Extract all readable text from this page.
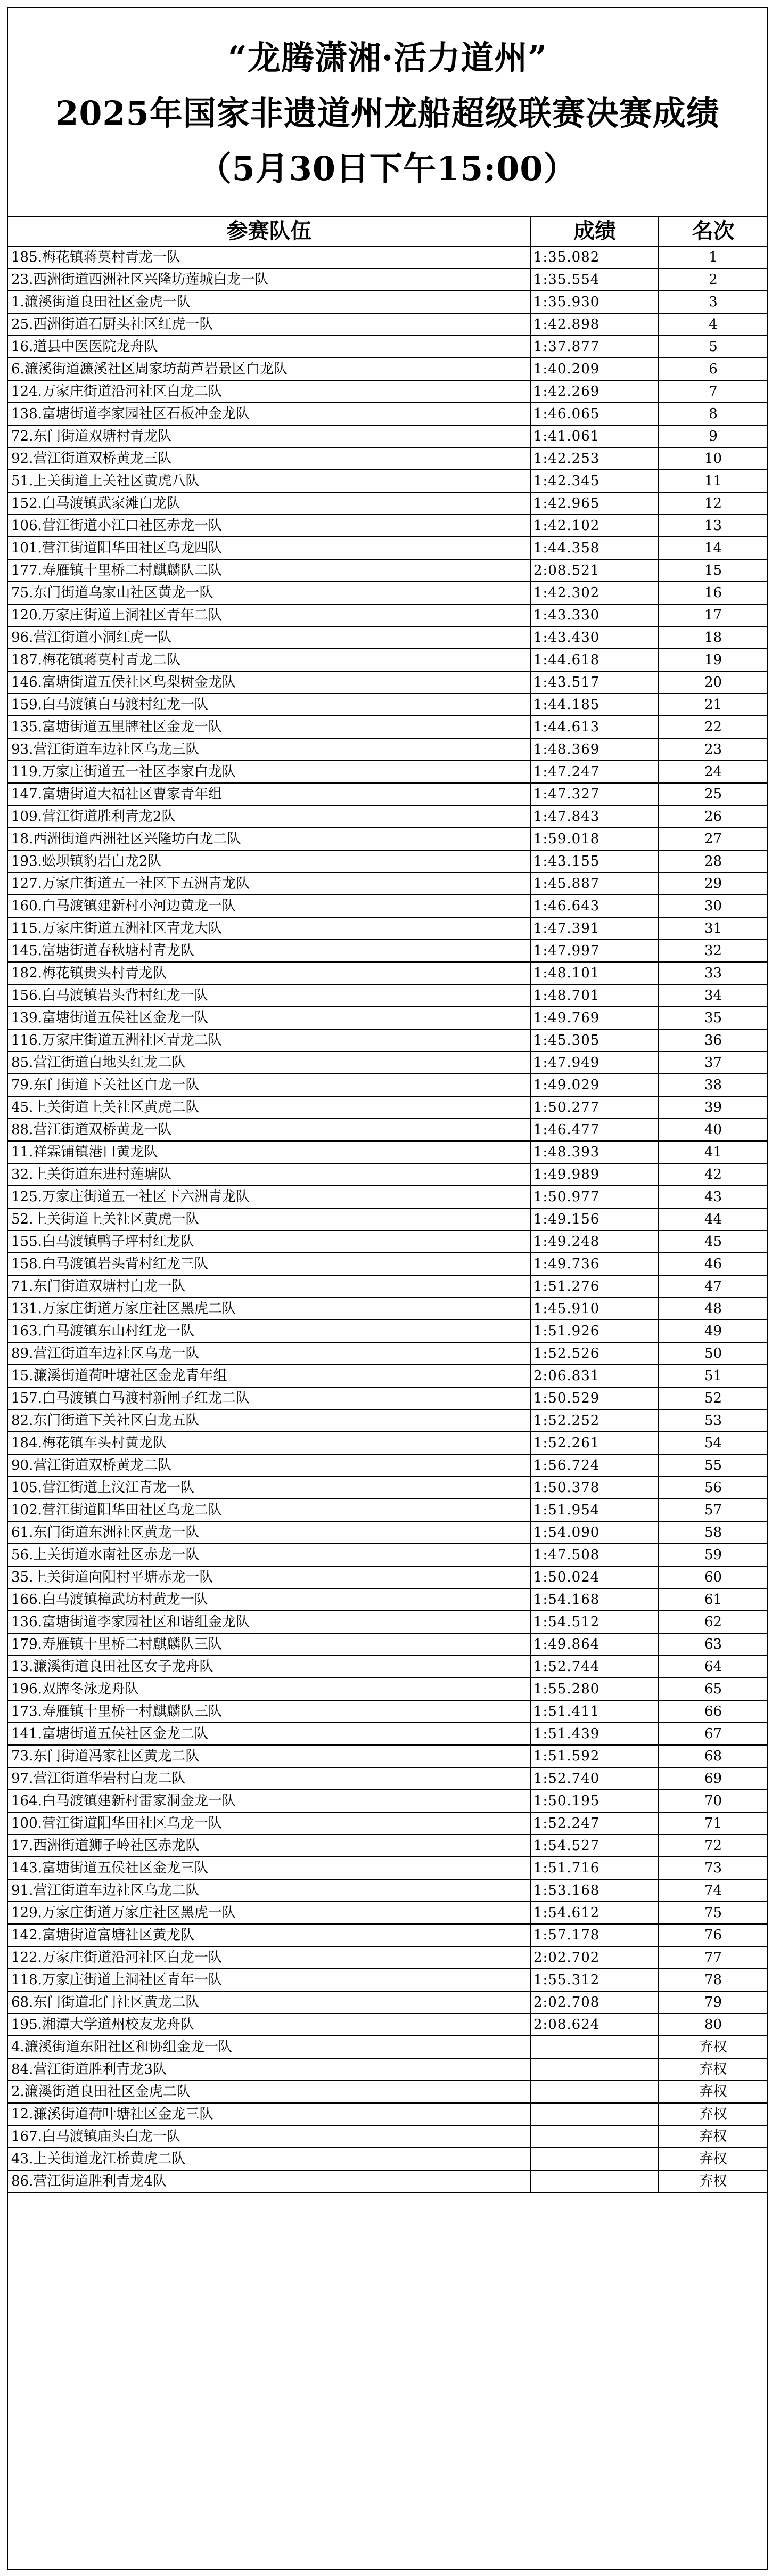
“龙腾潇湘·活力道州”
2025年国家非遗道州龙船超级联赛决赛成绩
（5月30日下午15:00）
参赛队伍	成绩	名次
185.梅花镇蒋莫村青龙一队	1:35.082	1
23.西洲街道西洲社区兴隆坊莲城白龙一队	1:35.554	2
1.濂溪街道良田社区金虎一队	1:35.930	3
25.西洲街道石厨头社区红虎一队	1:42.898	4
16.道县中医医院龙舟队	1:37.877	5
6.濂溪街道濂溪社区周家坊葫芦岩景区白龙队	1:40.209	6
124.万家庄街道沿河社区白龙二队	1:42.269	7
138.富塘街道李家园社区石板冲金龙队	1:46.065	8
72.东门街道双塘村青龙队	1:41.061	9
92.营江街道双桥黄龙三队	1:42.253	10
51.上关街道上关社区黄虎八队	1:42.345	11
152.白马渡镇武家滩白龙队	1:42.965	12
106.营江街道小江口社区赤龙一队	1:42.102	13
101.营江街道阳华田社区乌龙四队	1:44.358	14
177.寿雁镇十里桥二村麒麟队二队	2:08.521	15
75.东门街道乌家山社区黄龙一队	1:42.302	16
120.万家庄街道上洞社区青年二队	1:43.330	17
96.营江街道小洞红虎一队	1:43.430	18
187.梅花镇蒋莫村青龙二队	1:44.618	19
146.富塘街道五侯社区鸟梨树金龙队	1:43.517	20
159.白马渡镇白马渡村红龙一队	1:44.185	21
135.富塘街道五里牌社区金龙一队	1:44.613	22
93.营江街道车边社区乌龙三队	1:48.369	23
119.万家庄街道五一社区李家白龙队	1:47.247	24
147.富塘街道大福社区曹家青年组	1:47.327	25
109.营江街道胜利青龙2队	1:47.843	26
18.西洲街道西洲社区兴隆坊白龙二队	1:59.018	27
193.蚣坝镇豹岩白龙2队	1:43.155	28
127.万家庄街道五一社区下五洲青龙队	1:45.887	29
160.白马渡镇建新村小河边黄龙一队	1:46.643	30
115.万家庄街道五洲社区青龙大队	1:47.391	31
145.富塘街道春秋塘村青龙队	1:47.997	32
182.梅花镇贵头村青龙队	1:48.101	33
156.白马渡镇岩头背村红龙一队	1:48.701	34
139.富塘街道五侯社区金龙一队	1:49.769	35
116.万家庄街道五洲社区青龙二队	1:45.305	36
85.营江街道白地头红龙二队	1:47.949	37
79.东门街道下关社区白龙一队	1:49.029	38
45.上关街道上关社区黄虎二队	1:50.277	39
88.营江街道双桥黄龙一队	1:46.477	40
11.祥霖铺镇港口黄龙队	1:48.393	41
32.上关街道东进村莲塘队	1:49.989	42
125.万家庄街道五一社区下六洲青龙队	1:50.977	43
52.上关街道上关社区黄虎一队	1:49.156	44
155.白马渡镇鸭子坪村红龙队	1:49.248	45
158.白马渡镇岩头背村红龙三队	1:49.736	46
71.东门街道双塘村白龙一队	1:51.276	47
131.万家庄街道万家庄社区黑虎二队	1:45.910	48
163.白马渡镇东山村红龙一队	1:51.926	49
89.营江街道车边社区乌龙一队	1:52.526	50
15.濂溪街道荷叶塘社区金龙青年组	2:06.831	51
157.白马渡镇白马渡村新闸子红龙二队	1:50.529	52
82.东门街道下关社区白龙五队	1:52.252	53
184.梅花镇车头村黄龙队	1:52.261	54
90.营江街道双桥黄龙二队	1:56.724	55
105.营江街道上汶江青龙一队	1:50.378	56
102.营江街道阳华田社区乌龙二队	1:51.954	57
61.东门街道东洲社区黄龙一队	1:54.090	58
56.上关街道水南社区赤龙一队	1:47.508	59
35.上关街道向阳村平塘赤龙一队	1:50.024	60
166.白马渡镇樟武坊村黄龙一队	1:54.168	61
136.富塘街道李家园社区和谐组金龙队	1:54.512	62
179.寿雁镇十里桥二村麒麟队三队	1:49.864	63
13.濂溪街道良田社区女子龙舟队	1:52.744	64
196.双牌冬泳龙舟队	1:55.280	65
173.寿雁镇十里桥一村麒麟队三队	1:51.411	66
141.富塘街道五侯社区金龙二队	1:51.439	67
73.东门街道冯家社区黄龙二队	1:51.592	68
97.营江街道华岩村白龙二队	1:52.740	69
164.白马渡镇建新村雷家洞金龙一队	1:50.195	70
100.营江街道阳华田社区乌龙一队	1:52.247	71
17.西洲街道狮子岭社区赤龙队	1:54.527	72
143.富塘街道五侯社区金龙三队	1:51.716	73
91.营江街道车边社区乌龙二队	1:53.168	74
129.万家庄街道万家庄社区黑虎一队	1:54.612	75
142.富塘街道富塘社区黄龙队	1:57.178	76
122.万家庄街道沿河社区白龙一队	2:02.702	77
118.万家庄街道上洞社区青年一队	1:55.312	78
68.东门街道北门社区黄龙二队	2:02.708	79
195.湘潭大学道州校友龙舟队	2:08.624	80
4.濂溪街道东阳社区和协组金龙一队		弃权
84.营江街道胜利青龙3队		弃权
2.濂溪街道良田社区金虎二队		弃权
12.濂溪街道荷叶塘社区金龙三队		弃权
167.白马渡镇庙头白龙一队		弃权
43.上关街道龙江桥黄虎二队		弃权
86.营江街道胜利青龙4队		弃权
